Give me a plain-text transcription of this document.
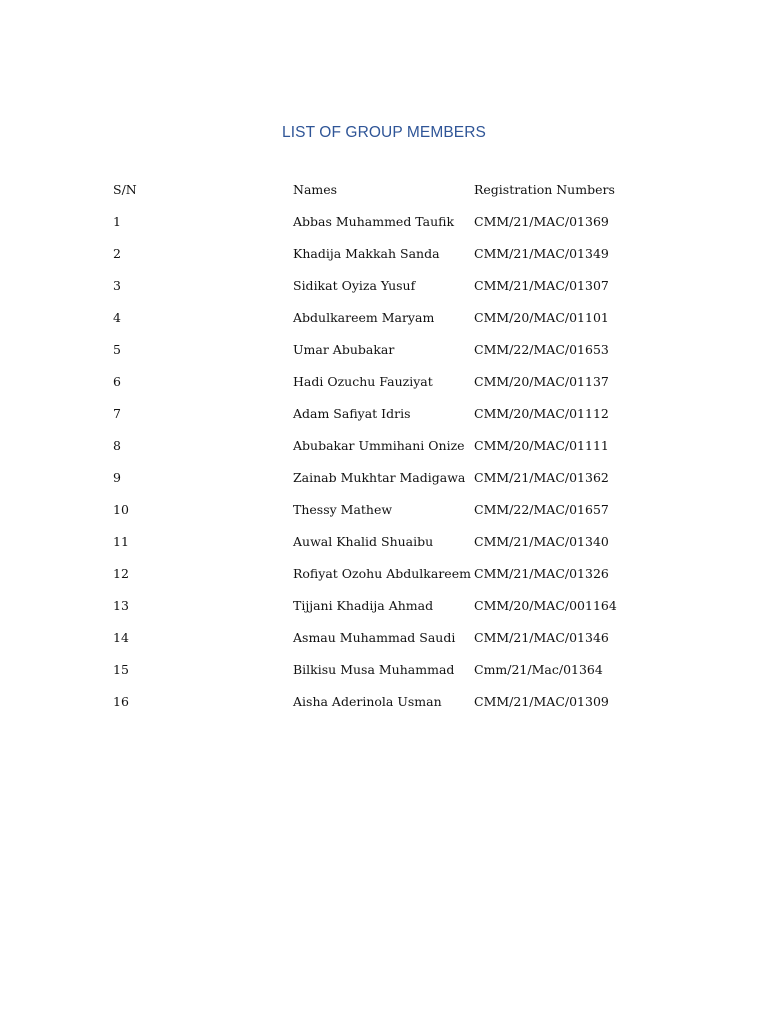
LIST OF GROUP MEMBERS
S/N	Names	Registration Numbers
1	Abbas Muhammed Taufik CMM/21/MAC/01369
2	Khadija Makkah Sanda	CMM/21/MAC/01349
3	Sidikat Oyiza Yusuf	CMM/21/MAC/01307
4	Abdulkareem Maryam	CMM/20/MAC/01101
5	Umar Abubakar	CMM/22/MAC/01653
6	Hadi Ozuchu Fauziyat	CMM/20/MAC/01137
7	Adam Safiyat Idris	CMM/20/MAC/01112
8	Abubakar Ummihani Onize CMM/20/MAC/01111
9	Zainab Mukhtar Madigawa CMM/21/MAC/01362
10	Thessy Mathew	CMM/22/MAC/01657
11	Auwal Khalid Shuaibu	CMM/21/MAC/01340
12	Rofiyat Ozohu Abdulkareem CMM/21/MAC/01326
13	Tijjani Khadija Ahmad	CMM/20/MAC/001164
14	Asmau Muhammad Saudi CMM/21/MAC/01346
15	Bilkisu Musa Muhammad Cmm/21/Mac/01364
16	Aisha Aderinola Usman	CMM/21/MAC/01309
